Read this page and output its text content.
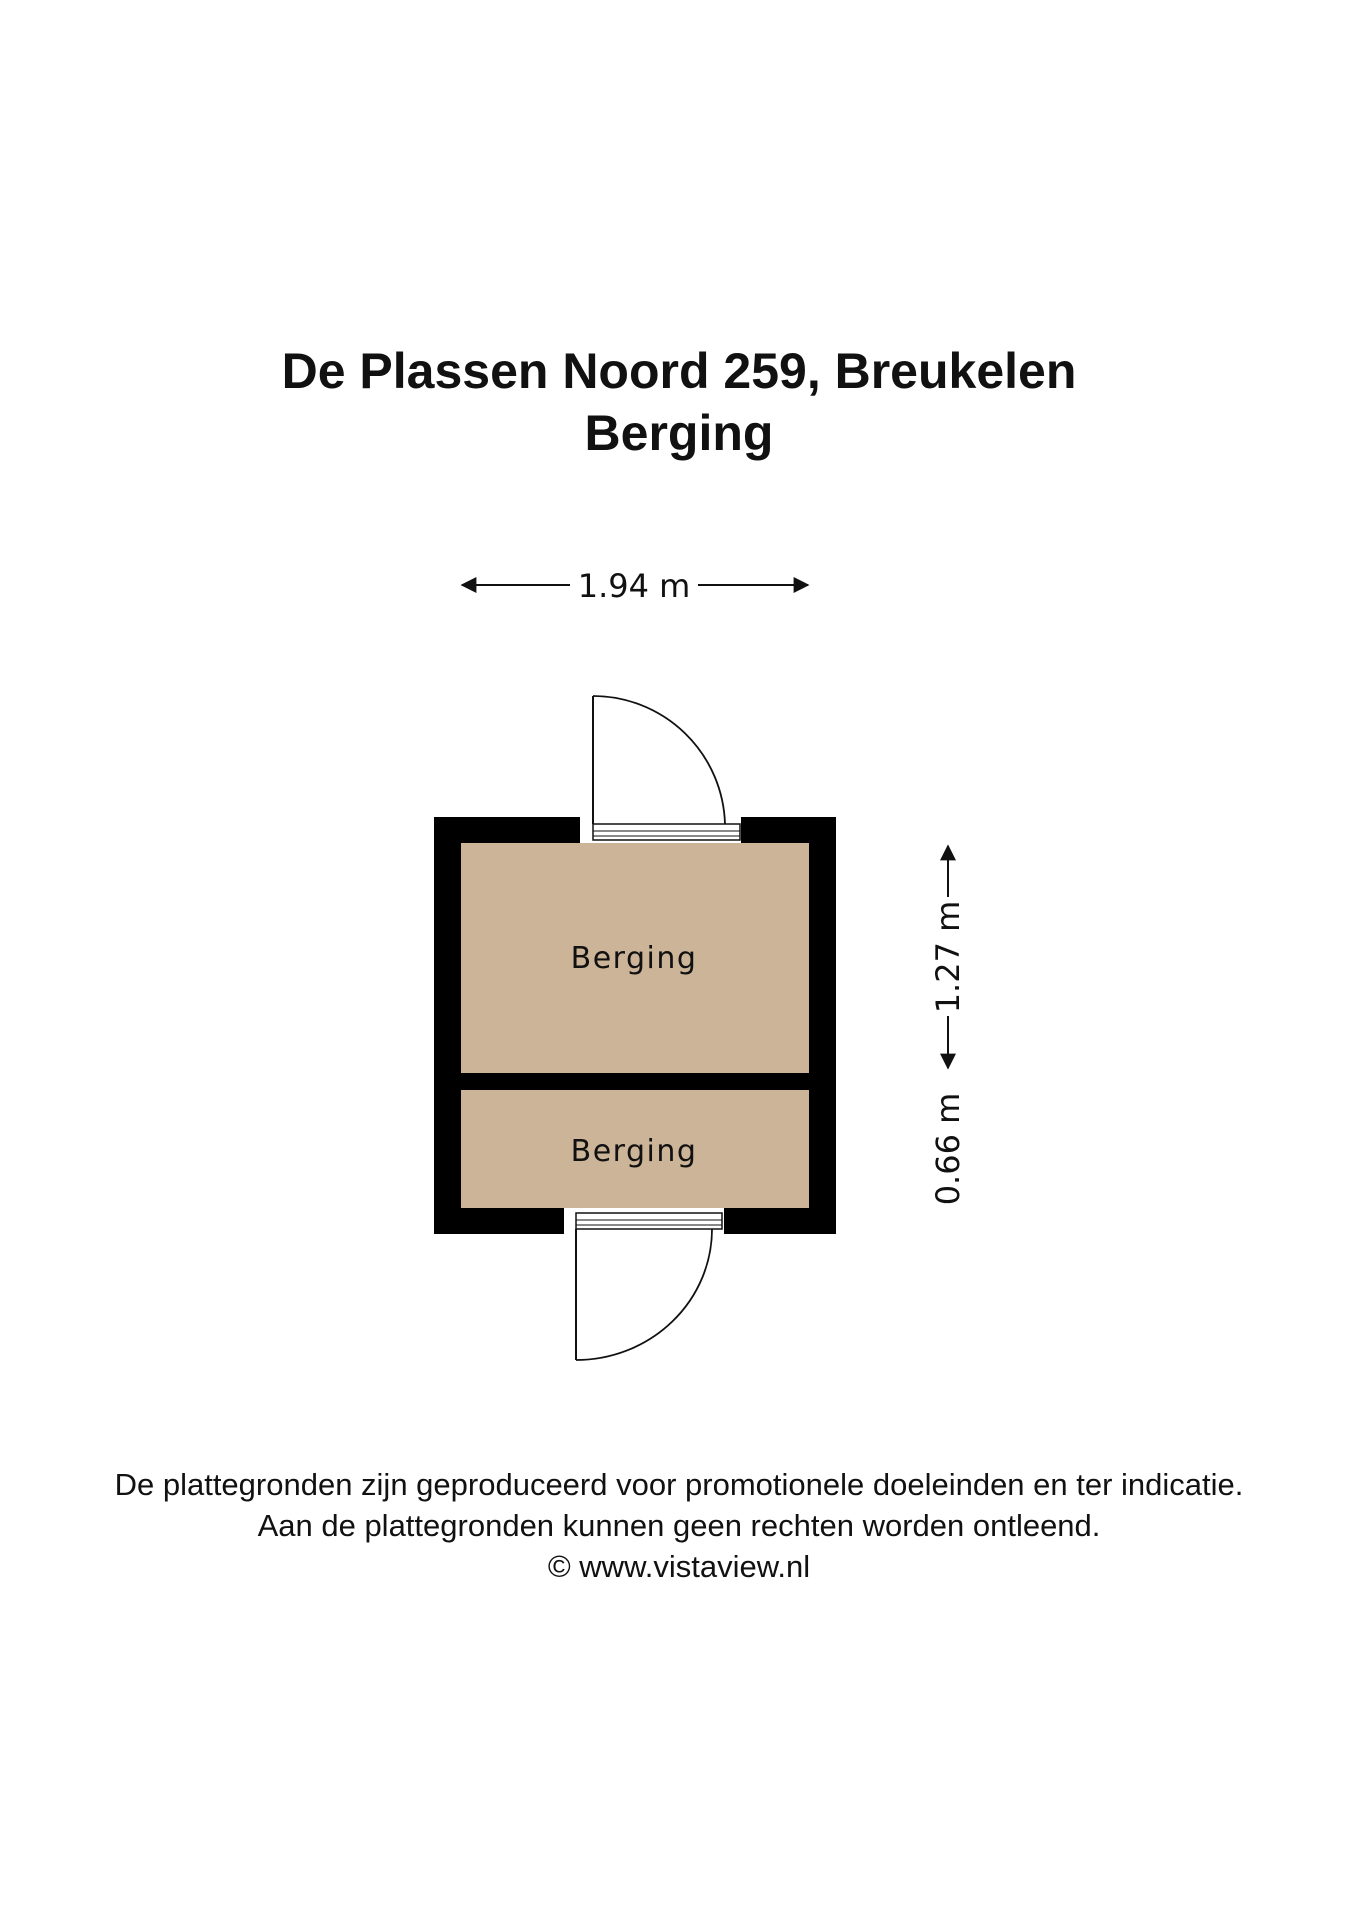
De Plassen Noord 259, Breukelen
Berging
1.94 m
Berging
Berging
1.27 m
0.66 m
De plattegronden zijn geproduceerd voor promotionele doeleinden en ter indicatie.
Aan de plattegronden kunnen geen rechten worden ontleend.
© www.vistaview.nl
